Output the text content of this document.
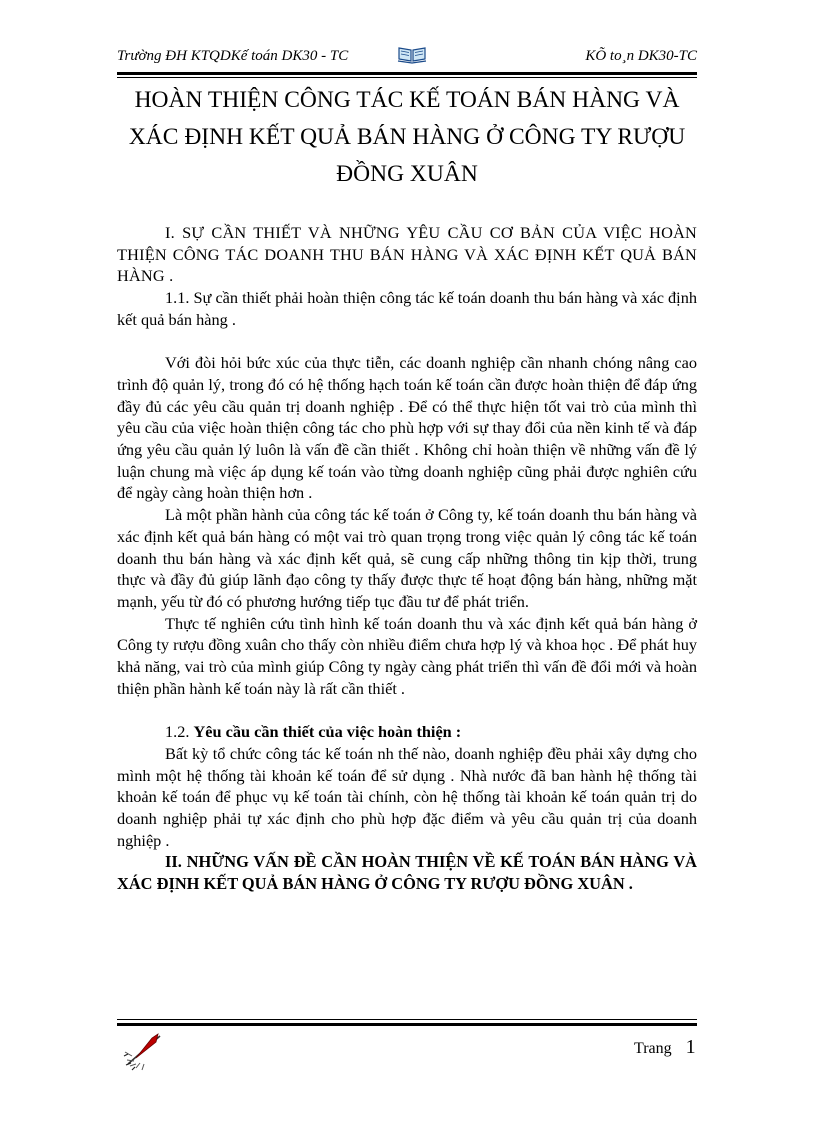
Trường ĐH KTQDKế toán DK30 - TC	KÕ to¸n DK30-TC
HOÀN THIỆN CÔNG TÁC KẾ TOÁN BÁN HÀNG VÀ XÁC ĐỊNH KẾT QUẢ BÁN HÀNG Ở CÔNG TY RƯỢU ĐỒNG XUÂN

I. SỰ CẦN THIẾT VÀ NHỮNG YÊU CẦU CƠ BẢN CỦA VIỆC HOÀN THIỆN CÔNG TÁC DOANH THU BÁN HÀNG VÀ XÁC ĐỊNH KẾT QUẢ BÁN HÀNG .

1.1. Sự cần thiết phải hoàn thiện công tác kế toán doanh thu bán hàng và xác định kết quả bán hàng .

Với đòi hỏi bức xúc của thực tiễn, các doanh nghiệp cần nhanh chóng nâng cao trình độ quản lý, trong đó có hệ thống hạch toán kế toán cần được hoàn thiện để đáp ứng đầy đủ các yêu cầu quản trị doanh nghiệp . Để có thể thực hiện tốt vai trò của mình thì yêu cầu của việc hoàn thiện công tác cho phù hợp với sự thay đổi của nền kinh tế và đáp ứng yêu cầu quản lý luôn là vấn đề cần thiết . Không chỉ hoàn thiện về những vấn đề lý luận chung mà việc áp dụng kế toán vào từng doanh nghiệp cũng phải được nghiên cứu để ngày càng hoàn thiện hơn .

Là một phần hành của công tác kế toán ở Công ty, kế toán doanh thu bán hàng và xác định kết quả bán hàng có một vai trò quan trọng trong việc quản lý công tác kế toán doanh thu bán hàng và xác định kết quả, sẽ cung cấp những thông tin kịp thời, trung thực và đầy đủ giúp lãnh đạo công ty thấy được thực tế hoạt động bán hàng, những mặt mạnh, yếu từ đó có phương hướng tiếp tục đầu tư để phát triển.

Thực tế nghiên cứu tình hình kế toán doanh thu và xác định kết quả bán hàng ở Công ty rượu đồng xuân cho thấy còn nhiều điểm chưa hợp lý và khoa học . Để phát huy khả năng, vai trò của mình giúp Công ty ngày càng phát triển thì vấn đề đổi mới và hoàn thiện phần hành kế toán này là rất cần thiết .

1.2. Yêu cầu cần thiết của việc hoàn thiện :

Bất kỳ tổ chức công tác kế toán nh thế nào, doanh nghiệp đều phải xây dựng cho mình một hệ thống tài khoản kế toán để sử dụng . Nhà nước đã ban hành hệ thống tài khoản kế toán để phục vụ kế toán tài chính, còn hệ thống tài khoản kế toán quản trị do doanh nghiệp phải tự xác định cho phù hợp đặc điểm và yêu cầu quản trị của doanh nghiệp .

II. NHỮNG VẤN ĐỀ CẦN HOÀN THIỆN VỀ KẾ TOÁN BÁN HÀNG VÀ XÁC ĐỊNH KẾT QUẢ BÁN HÀNG Ở CÔNG TY RƯỢU ĐỒNG XUÂN .

Trang 1
